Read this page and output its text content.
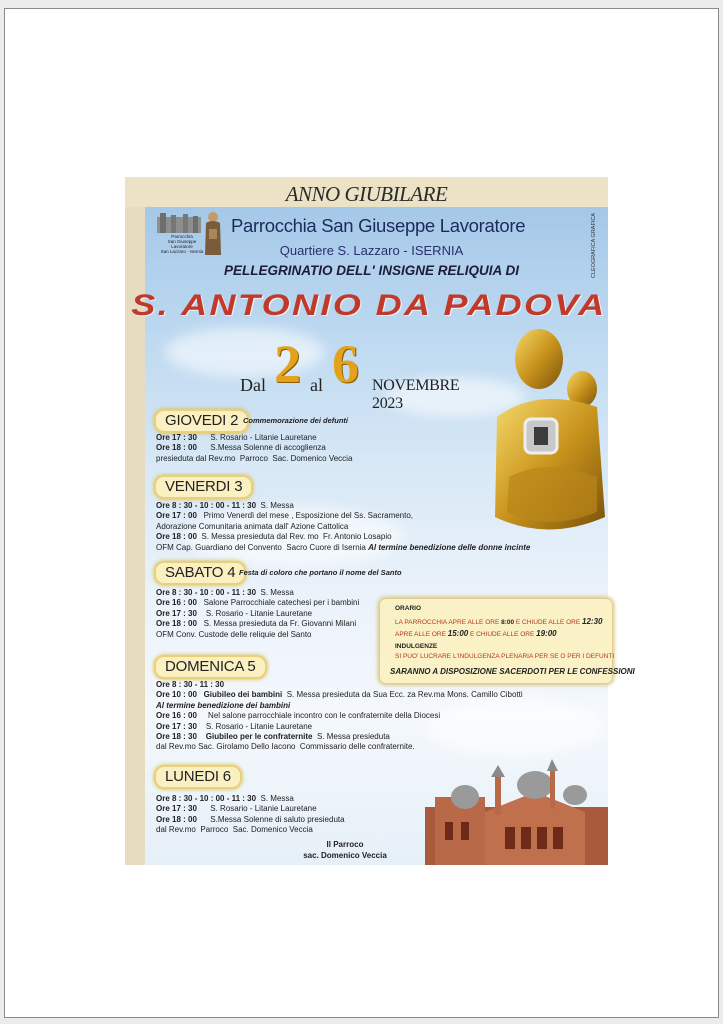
ANNO GIUBILARE
Parrocchia
San Giuseppe Lavoratore
San Lazzaro - Isernia
Parrocchia San Giuseppe Lavoratore
Quartiere S. Lazzaro - ISERNIA
PELLEGRINATIO DELL' INSIGNE RELIQUIA DI	CLEOGRAFICA GRAFICA
S. ANTONIO DA PADOVA
Dal 2 al 6 NOVEMBRE 2023
GIOVEDI 2 Commemorazione dei defunti
Ore 17 : 30      S. Rosario - Litanie Lauretane
Ore 18 : 00      S.Messa Solenne di accoglienza
presieduta dal Rev.mo  Parroco  Sac. Domenico Veccia
VENERDI 3
Ore 8 : 30 - 10 : 00 - 11 : 30  S. Messa
Ore 17 : 00   Primo Venerdì del mese , Esposizione del Ss. Sacramento,
Adorazione Comunitaria animata dall' Azione Cattolica
Ore 18 : 00  S. Messa presieduta dal Rev. mo  Fr. Antonio Losapio
OFM Cap. Guardiano del Convento  Sacro Cuore di Isernia Al termine benedizione delle donne incinte
SABATO 4 Festa di coloro che portano il nome del Santo
Ore 8 : 30 - 10 : 00 - 11 : 30  S. Messa
Ore 16 : 00   Salone Parrocchiale catechesi per i bambini
Ore 17 : 30    S. Rosario - Litanie Lauretane
Ore 18 : 00   S. Messa presieduta da Fr. Giovanni Milani
OFM Conv. Custode delle reliquie del Santo
ORARIO
LA PARROCCHIA APRE ALLE ORE 8:00 E CHIUDE ALLE ORE 12:30
APRE ALLE ORE 15:00 E CHIUDE ALLE ORE 19:00
INDULGENZE
SI PUO' LUCRARE L'INDULGENZA PLENARIA PER SE O PER I DEFUNTI
SARANNO A DISPOSIZIONE SACERDOTI PER LE CONFESSIONI
DOMENICA 5
Ore 8 : 30 - 11 : 30
Ore 10 : 00   Giubileo dei bambini  S. Messa presieduta da Sua Ecc. za Rev.ma Mons. Camillo Cibotti
Al termine benedizione dei bambini
Ore 16 : 00     Nel salone parrocchiale incontro con le confraternite della Diocesi
Ore 17 : 30    S. Rosario - Litanie Lauretane
Ore 18 : 30    Giubileo per le confraternite  S. Messa presieduta
dal Rev.mo Sac. Girolamo Dello Iacono  Commissario delle confraternite.
LUNEDI 6
Ore 8 : 30 - 10 : 00 - 11 : 30  S. Messa
Ore 17 : 30      S. Rosario - Litanie Lauretane
Ore 18 : 00      S.Messa Solenne di saluto presieduta
dal Rev.mo  Parroco  Sac. Domenico Veccia
Il Parroco
sac. Domenico Veccia
